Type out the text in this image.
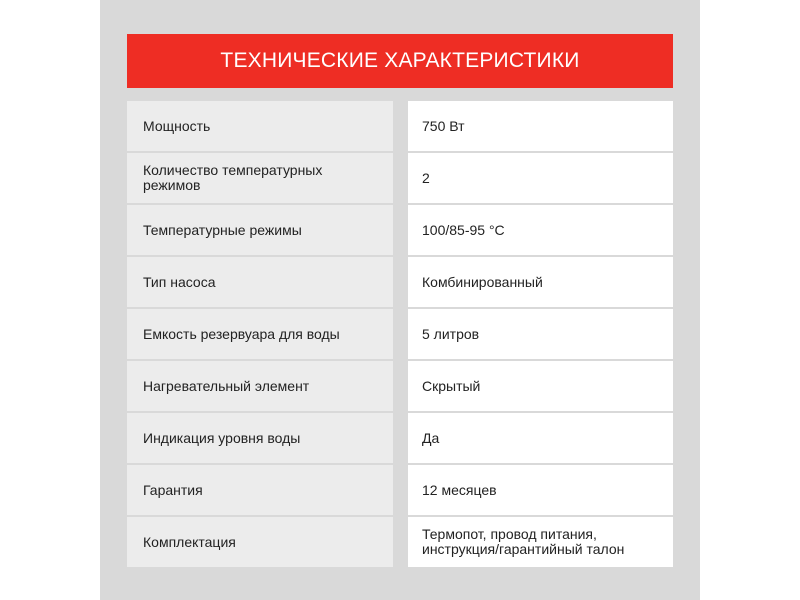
ТЕХНИЧЕСКИЕ ХАРАКТЕРИСТИКИ
Мощность	750 Вт
Количество температурных режимов	2
Температурные режимы	100/85-95 °С
Тип насоса	Комбинированный
Емкость резервуара для воды	5 литров
Нагревательный элемент	Скрытый
Индикация уровня воды	Да
Гарантия	12 месяцев
Комплектация	Термопот, провод питания, инструкция/гарантийный талон
